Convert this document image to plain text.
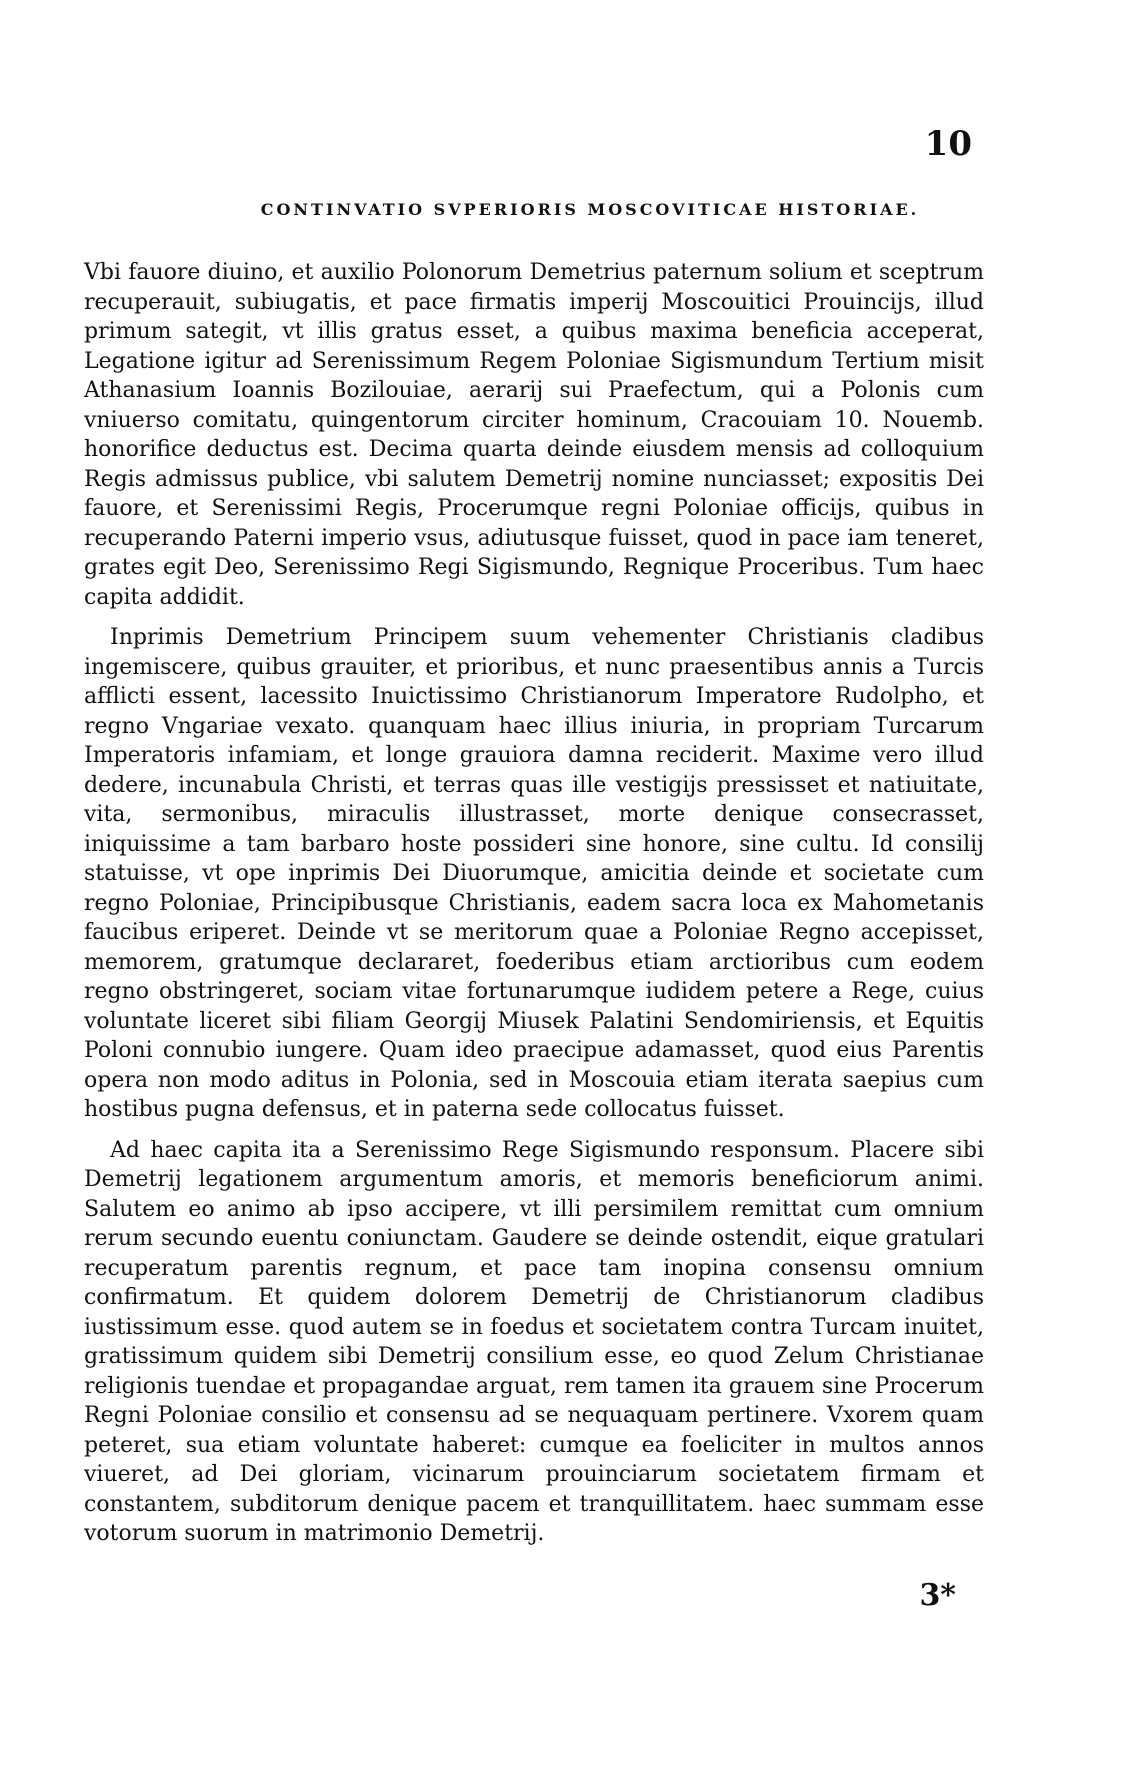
10
CONTINVATIO SVPERIORIS MOSCOVITICAE HISTORIAE.

Vbi fauore diuino, et auxilio Polonorum Demetrius paternum solium et sceptrum recuperauit, subiugatis, et pace firmatis imperij Moscouitici Prouincijs, illud primum sategit, vt illis gratus esset, a quibus maxima beneficia acceperat, Legatione igitur ad Serenissimum Regem Poloniae Sigismundum Tertium misit Athanasium Ioannis Bozilouiae, aerarij sui Praefectum, qui a Polonis cum vniuerso comitatu, quingentorum circiter hominum, Cracouiam 10. Nouemb. honorifice deductus est. Decima quarta deinde eiusdem mensis ad colloquium Regis admissus publice, vbi salutem Demetrij nomine nunciasset; expositis Dei fauore, et Serenissimi Regis, Procerumque regni Poloniae officijs, quibus in recuperando Paterni imperio vsus, adiutusque fuisset, quod in pace iam teneret, grates egit Deo, Serenissimo Regi Sigismundo, Regnique Proceribus. Tum haec capita addidit.

Inprimis Demetrium Principem suum vehementer Christianis cladibus ingemiscere, quibus grauiter, et prioribus, et nunc praesentibus annis a Turcis afflicti essent, lacessito Inuictissimo Christianorum Imperatore Rudolpho, et regno Vngariae vexato. quanquam haec illius iniuria, in propriam Turcarum Imperatoris infamiam, et longe grauiora damna reciderit. Maxime vero illud dedere, incunabula Christi, et terras quas ille vestigijs pressisset et natiuitate, vita, sermonibus, miraculis illustrasset, morte denique consecrasset, iniquissime a tam barbaro hoste possideri sine honore, sine cultu. Id consilij statuisse, vt ope inprimis Dei Diuorumque, amicitia deinde et societate cum regno Poloniae, Principibusque Christianis, eadem sacra loca ex Mahometanis faucibus eriperet. Deinde vt se meritorum quae a Poloniae Regno accepisset, memorem, gratumque declararet, foederibus etiam arctioribus cum eodem regno obstringeret, sociam vitae fortunarumque iudidem petere a Rege, cuius voluntate liceret sibi filiam Georgij Miusek Palatini Sendomiriensis, et Equitis Poloni connubio iungere. Quam ideo praecipue adamasset, quod eius Parentis opera non modo aditus in Poloniа, sed in Moscouia etiam iterata saepius cum hostibus pugna defensus, et in paterna sede collocatus fuisset.

Ad haec capita ita a Serenissimo Rege Sigismundo responsum. Placere sibi Demetrij legationem argumentum amoris, et memoris beneficiorum animi. Salutem eo animo ab ipso accipere, vt illi persimilem remittat cum omnium rerum secundo euentu coniunctam. Gaudere se deinde ostendit, eique gratulari recuperatum parentis regnum, et pace tam inopina consensu omnium confirmatum. Et quidem dolorem Demetrij de Christianorum cladibus iustissimum esse. quod autem se in foedus et societatem contra Turcam inuitet, gratissimum quidem sibi Demetrij consilium esse, eo quod Zelum Christianae religionis tuendae et propagandae arguat, rem tamen ita grauem sine Procerum Regni Poloniae consilio et consensu ad se nequaquam pertinere. Vxorem quam peteret, sua etiam voluntate haberet: cumque ea foeliciter in multos annos viueret, ad Dei gloriam, vicinarum prouinciarum societatem firmam et constantem, subditorum denique pacem et tranquillitatem. haec summam esse votorum suorum in matrimonio Demetrij.

3*
